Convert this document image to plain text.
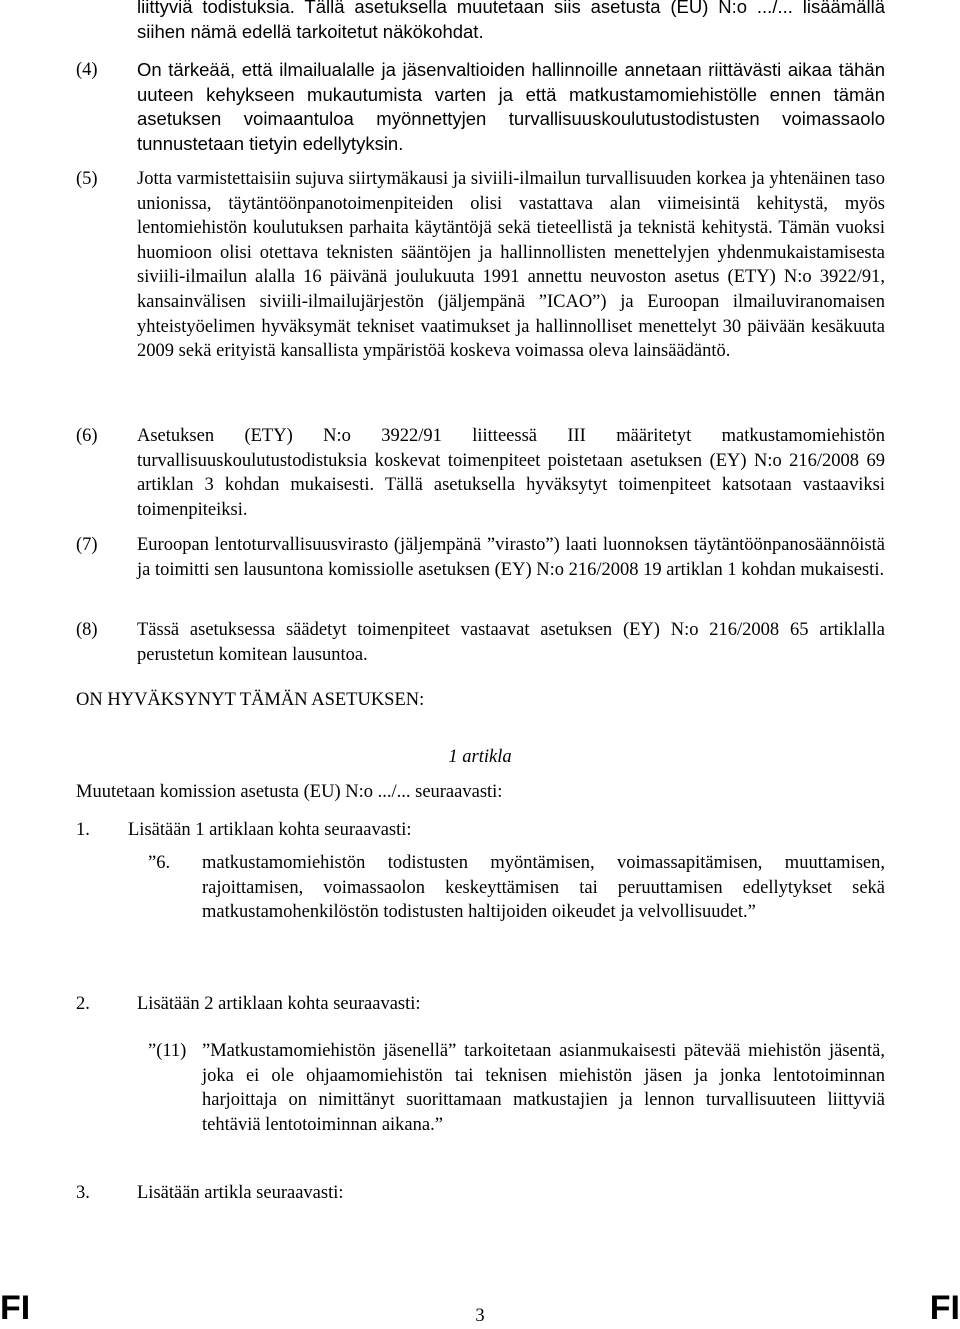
liittyviä todistuksia. Tällä asetuksella muutetaan siis asetusta (EU) N:o .../... lisäämällä siihen nämä edellä tarkoitetut näkökohdat.
(4) On tärkeää, että ilmailualalle ja jäsenvaltioiden hallinnoille annetaan riittävästi aikaa tähän uuteen kehykseen mukautumista varten ja että matkustamomiehistölle ennen tämän asetuksen voimaantuloa myönnettyjen turvallisuuskoulutustodistusten voimassaolo tunnustetaan tietyin edellytyksin.
(5) Jotta varmistettaisiin sujuva siirtymäkausi ja siviili-ilmailun turvallisuuden korkea ja yhtenäinen taso unionissa, täytäntöönpanotoimenpiteiden olisi vastattava alan viimeisintä kehitystä, myös lentomiehistön koulutuksen parhaita käytäntöjä sekä tieteellistä ja teknistä kehitystä. Tämän vuoksi huomioon olisi otettava teknisten sääntöjen ja hallinnollisten menettelyjen yhdenmukaistamisesta siviili-ilmailun alalla 16 päivänä joulukuuta 1991 annettu neuvoston asetus (ETY) N:o 3922/91, kansainvälisen siviili-ilmailujärjestön (jäljempänä ”ICAO”) ja Euroopan ilmailuviranomaisen yhteistyöelimen hyväksymät tekniset vaatimukset ja hallinnolliset menettelyt 30 päivään kesäkuuta 2009 sekä erityistä kansallista ympäristöä koskeva voimassa oleva lainsäädäntö.
(6) Asetuksen (ETY) N:o 3922/91 liitteessä III määritetyt matkustamomiehistön turvallisuuskoulutustodistuksia koskevat toimenpiteet poistetaan asetuksen (EY) N:o 216/2008 69 artiklan 3 kohdan mukaisesti. Tällä asetuksella hyväksytyt toimenpiteet katsotaan vastaaviksi toimenpiteiksi.
(7) Euroopan lentoturvallisuusvirasto (jäljempänä ”virasto”) laati luonnoksen täytäntöönpanosäännöistä ja toimitti sen lausuntona komissiolle asetuksen (EY) N:o 216/2008 19 artiklan 1 kohdan mukaisesti.
(8) Tässä asetuksessa säädetyt toimenpiteet vastaavat asetuksen (EY) N:o 216/2008 65 artiklalla perustetun komitean lausuntoa.
ON HYVÄKSYNYT TÄMÄN ASETUKSEN:
1 artikla
Muutetaan komission asetusta (EU) N:o .../... seuraavasti:
1. Lisätään 1 artiklaan kohta seuraavasti:
”6. matkustamomiehistön todistusten myöntämisen, voimassapitämisen, muuttamisen, rajoittamisen, voimassaolon keskeyttämisen tai peruuttamisen edellytykset sekä matkustamohenkilöstön todistusten haltijoiden oikeudet ja velvollisuudet.”
2.	Lisätään 2 artiklaan kohta seuraavasti:
”(11) ”Matkustamomiehistön jäsenellä” tarkoitetaan asianmukaisesti pätevää miehistön jäsentä, joka ei ole ohjaamomiehistön tai teknisen miehistön jäsen ja jonka lentotoiminnan harjoittaja on nimittänyt suorittamaan matkustajien ja lennon turvallisuuteen liittyviä tehtäviä lentotoiminnan aikana.”
3.	Lisätään artikla seuraavasti:
FI	3	FI
